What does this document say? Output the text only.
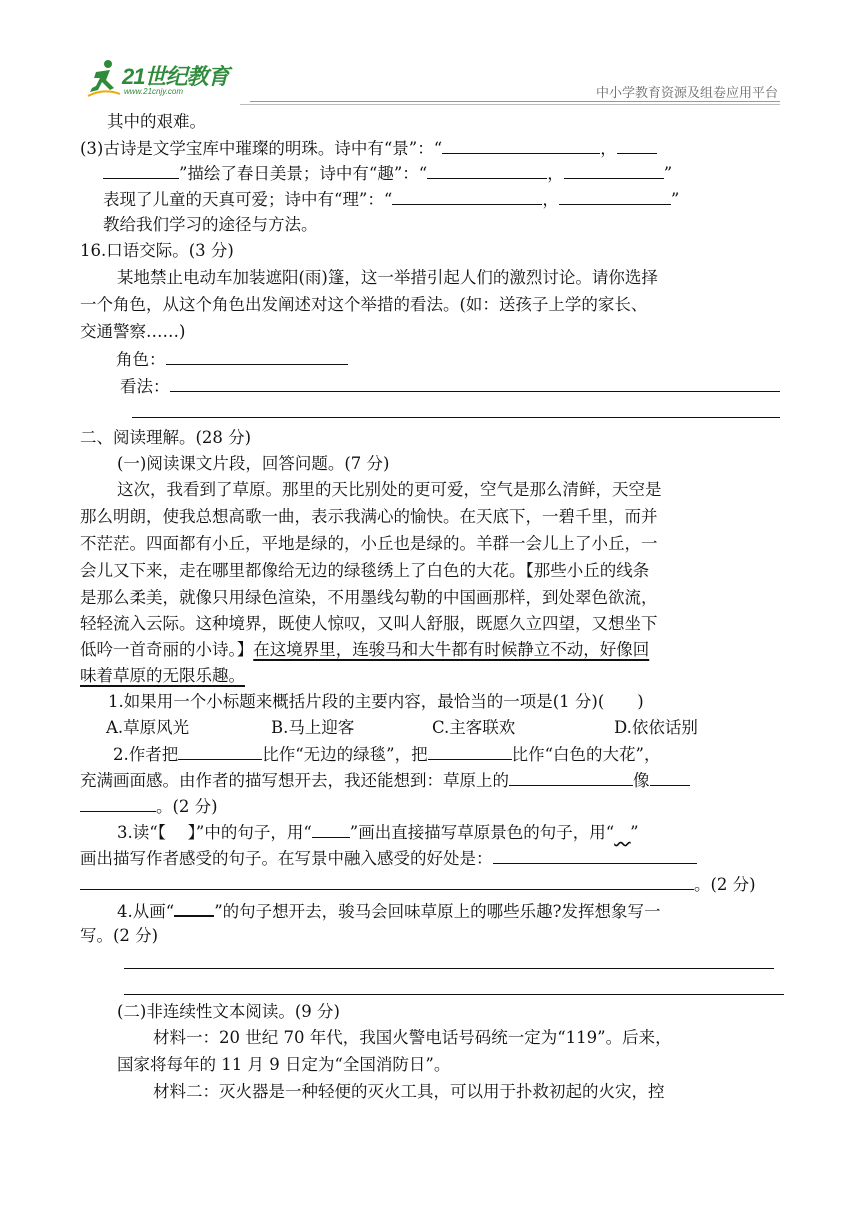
21世纪教育
www.21cnjy.com	中小学教育资源及组卷应用平台
其中的艰难。
(3)古诗是文学宝库中璀璨的明珠。诗中有“景”：“	，
”描绘了春日美景；诗中有“趣”：“	，	”
表现了儿童的天真可爱；诗中有“理”：“	，	”
教给我们学习的途径与方法。
16.口语交际。(3 分)
某地禁止电动车加装遮阳(雨)篷，这一举措引起人们的激烈讨论。请你选择
一个角色，从这个角色出发阐述对这个举措的看法。(如：送孩子上学的家长、
交通警察……)
角色：
看法：
二、阅读理解。(28 分)
(一)阅读课文片段，回答问题。(7 分)
这次，我看到了草原。那里的天比别处的更可爱，空气是那么清鲜，天空是
那么明朗，使我总想高歌一曲，表示我满心的愉快。在天底下，一碧千里，而并
不茫茫。四面都有小丘，平地是绿的，小丘也是绿的。羊群一会儿上了小丘，一
会儿又下来，走在哪里都像给无边的绿毯绣上了白色的大花。【那些小丘的线条
是那么柔美，就像只用绿色渲染，不用墨线勾勒的中国画那样，到处翠色欲流，
轻轻流入云际。这种境界，既使人惊叹，又叫人舒服，既愿久立四望，又想坐下
低吟一首奇丽的小诗。】在这境界里，连骏马和大牛都有时候静立不动，好像回
味着草原的无限乐趣。
1.如果用一个小标题来概括片段的主要内容，最恰当的一项是(1 分)(　　)
A.草原风光	B.马上迎客	C.主客联欢	D.依依话别
2.作者把	比作“无边的绿毯”，把	比作“白色的大花”，
充满画面感。由作者的描写想开去，我还能想到：草原上的	像
。(2 分)
3.读“【　 】”中的句子，用“ ”画出直接描写草原景色的句子，用“   ”
画出描写作者感受的句子。在写景中融入感受的好处是：
。(2 分)
4.从画“ ”的句子想开去，骏马会回味草原上的哪些乐趣?发挥想象写一
写。(2 分)
(二)非连续性文本阅读。(9 分)
材料一：20 世纪 70 年代，我国火警电话号码统一定为“119”。后来，
国家将每年的 11 月 9 日定为“全国消防日”。
材料二：灭火器是一种轻便的灭火工具，可以用于扑救初起的火灾，控
